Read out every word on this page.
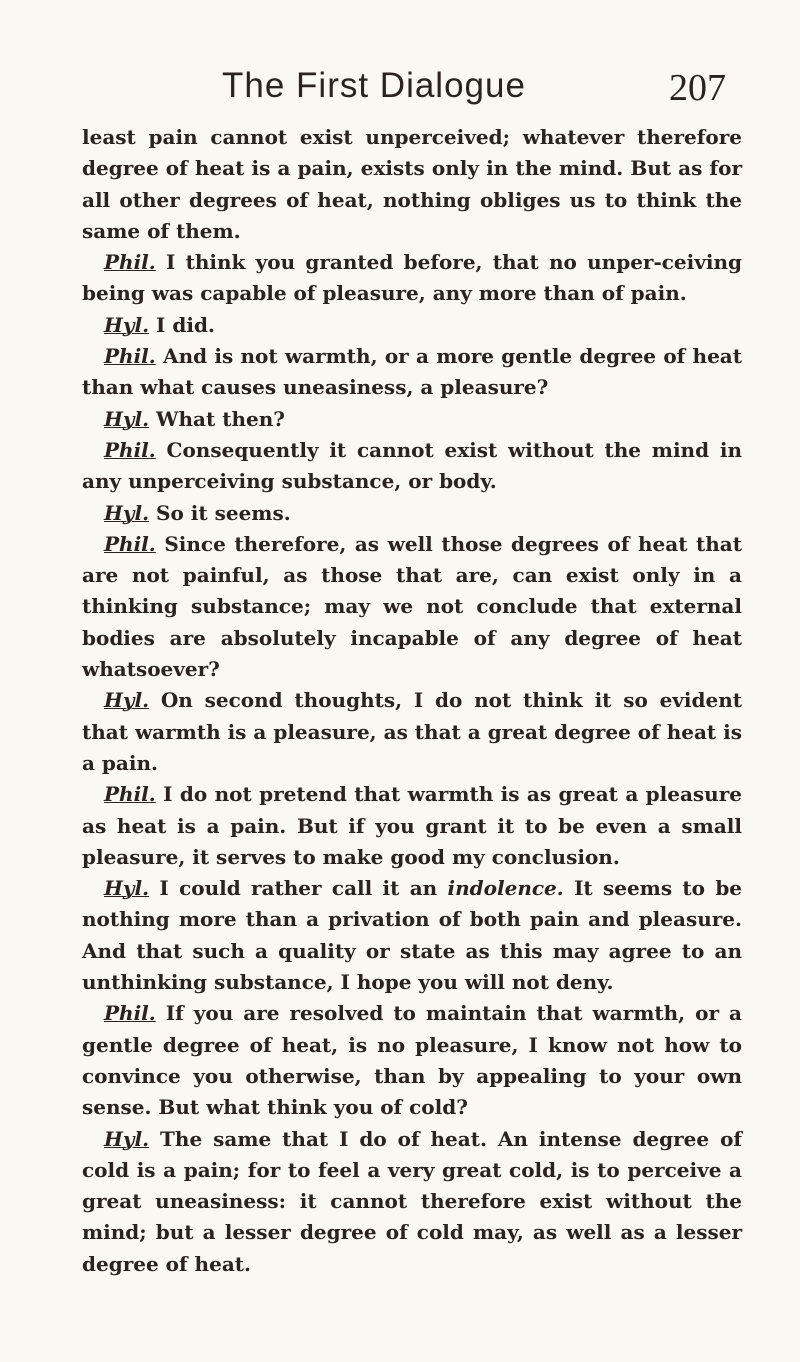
The First Dialogue	207

least pain cannot exist unperceived; whatever therefore degree of heat is a pain, exists only in the mind. But as for all other degrees of heat, nothing obliges us to think the same of them.

Phil. I think you granted before, that no unper-ceiving being was capable of pleasure, any more than of pain.

Hyl. I did.

Phil. And is not warmth, or a more gentle degree of heat than what causes uneasiness, a pleasure?

Hyl. What then?

Phil. Consequently it cannot exist without the mind in any unperceiving substance, or body.

Hyl. So it seems.

Phil. Since therefore, as well those degrees of heat that are not painful, as those that are, can exist only in a thinking substance; may we not conclude that external bodies are absolutely incapable of any degree of heat whatsoever?

Hyl. On second thoughts, I do not think it so evident that warmth is a pleasure, as that a great degree of heat is a pain.

Phil. I do not pretend that warmth is as great a pleasure as heat is a pain. But if you grant it to be even a small pleasure, it serves to make good my conclusion.

Hyl. I could rather call it an indolence. It seems to be nothing more than a privation of both pain and pleasure. And that such a quality or state as this may agree to an unthinking substance, I hope you will not deny.

Phil. If you are resolved to maintain that warmth, or a gentle degree of heat, is no pleasure, I know not how to convince you otherwise, than by appealing to your own sense. But what think you of cold?

Hyl. The same that I do of heat. An intense degree of cold is a pain; for to feel a very great cold, is to perceive a great uneasiness: it cannot therefore exist without the mind; but a lesser degree of cold may, as well as a lesser degree of heat.
